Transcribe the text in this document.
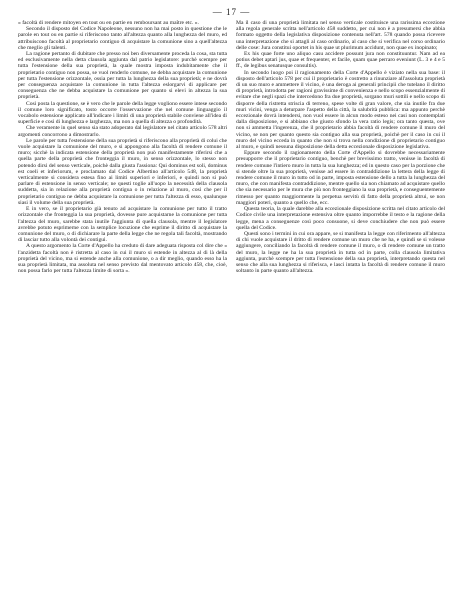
— 17 —

« facoltà di rendere mitoyen en tout ou en partie en remboursant au maître etc. ».

Secondo il disposto del Codice Napoleone, nessuno non ha mai posto in questione che le parole en tout ou en partie si riferiscono tanto all'altezza quanto alla lunghezza del muro, ed attribuiscono facoltà al proprietario contiguo di acquistare la comunione sino a quell'altezza che meglio gli talenti.

La ragione pertanto di dubitare che presso noi ben diversamente proceda la cosa, sta tutta ed esclusivamente nella detta clausola aggiunta dal patrio legislatore: purchè scempre per tutta l'estensione della sua proprietà, la quale mostra imposta indubitamente che il proprietario contiguo non possa, se vuol renderlo comune, ne debba acquistare la comunione per tutta l'estensione orizzontale, ossia per tutta la lunghezza della sua proprietà; e ne dovrà per conseguenza acquistare la comunione in tutta l'altezza eslorgarvi di applicare per conseguenza che ne debba acquistare la comunione per quanto si elevi in altezza la sua proprietà.

Così posta la questione, se è vero che le parole della legge vogliono essere intese secondo il comune loro significato, tosto occorre l'osservazione che nel comune linguaggio il vocabolo estensione applicato all'indicare i limiti di una proprietà stabile conviene all'idea di superficie e così di lunghezza e larghezza, ma non a quella di altezza o profondità.

Che veramente in quel senso sia stato adoperato dal legislatore nel citato articolo 578 altri argomenti concorrono a dimostrarlo.

Le parole per tutta l'estensione della sua proprietà si riferiscono alla proprietà di colui che vuole acquistare la comunione del muro, e si appongono alla facoltà di rendere comune il muro; sicchè la indicata estensione della proprietà non può manifestamente riferirsi che a quella parte della proprietà che fronteggia il muro, in senso orizzontale, lo stesso non potendo dirsi del senso verticale, poichè dalla giusta l'assiona: Qui dominus est soli, dominus est coeli et inferiorum, e proclamato dal Codice Albertino all'articolo 548, la proprietà verticalmente si considera estesa fino ai limiti superiori e inferiori, e quindi non si può parlare di estensione in senso verticale; ne questi toglie all'uopo la necessità della clausola suddetta, sia in relazione alla proprietà contigua o in relazione al muro, così che per il proprietario contiguo ne debba acquistare la comunione per tutta l'altezza di esso, qualunque siasi il volume della sua proprietà.

E in vero, se il proprietario già tenuto ad acquistare la comunione per tutto il tratto orizzontale che fronteggia la sua proprietà, dovesse pure acquistarne la comunione per tutta l'altezza del muro, sarebbe stata inutile l'aggiunta di quella clausola, mentre il legislatore avrebbe potuto esprimerne con la semplice locuzione che esprime il diritto di acquistare la comunione del muro, o di dichiarare la parte della legge che ne regola tali facoltà, mostrando di lasciar tutto alla volontà dei contigui.

A questo argomento la Corte d'Appello ha creduto di dare adeguata risposta col dire che « l'anzidetta facoltà non è ristretta al caso in cui il muro si estende in altezza al di là della proprietà del vicino, ma si estende anche alla comunione, o a dir meglio, quando esso ha la sua proprietà limitata, ma assoluta nel senso previsto dal mentovato articolo 458, che, cioè, non possa farlo per tutta l'altezza limite di sorta ».

Ma il caso di una proprietà limitata nel senso verticale costituisce una rarissima eccezione alla regola generale scritta nell'articolo 458 suddetto, per cui non è a presumersi che abbia formato oggetto della legislativa disposizione contenuta nell'art. 578 quando possa ricevere una interpretazione che si attagli al caso ordinario, al caso che si verifica nel corso ordinario delle cose: Jura constitui oportet in his quae ut plurimum accidunt, non quae ex inopinato;

Ex his quae forte uno aliquo casu accidere possunt jura non constituuntur. Nam ad ea potius debet aptari jus, quae et frequenter, et facile, quam quae perraro eveniunt (L. 3 e 4 e 5 ff., de legibus senatusque consultis).

In secondo luogo poi il ragionamento della Corte d'Appello è viziato nella sua base: il disposto dell'articolo 578 per cui il proprietario è costretto a rinunziare all'assoluta proprietà di un suo muro e ammettere il vicino, è una deroga ai generali principii che tutelano il diritto di proprietà, introdotta per ragioni gravissime di convenienza e nello scopo essenzialmente di evitare che negli spazi che intercedono fra due proprietà, sorgano muri sottili e nello scopo di disporre della ristretta striscia di terreno, spese volte di gran valore, che sia inutile fra due muri vicini, venga a deturpare l'aspetto della città, la salubrità pubblica: ma appunto perchè eccezionale dovrà intendersi, non vuol essere in alcun modo esteso nei casi non contemplati dalla disposizione, e si abbiano che giusto sfondo la vera ratio legis; ora tanto questa, ove non si ammetta l'ingerenza, che il proprietario abbia facoltà di rendere comune il muro del vicino, se non per quanto questo sia contiguo alla sua proprietà, poichè per il caso in cui il muro del vicino ecceda in quanto che non si trova nella condizione di proprietario contiguo al muro, e quindi nessuna disposizione della detta eccezionale disposizione legislativa.

Eppure secondo il ragionamento della Corte d'Appello si dovrebbe necessariamente presupporre che il proprietario contiguo, benchè per brevissimo tratto, venisse in facoltà di rendere comune l'intiero muro in tutta la sua lunghezza; ed in questo caso per la porzione che si stende oltre la sua proprietà, venisse ad essere in contraddizione la lettera della legge di rendere comune il muro in tutto od in parte, imposta estensione dello a tutta la lunghezza del muro, che con manifesta contraddizione, mentre quello sia non chiamato ad acquistare quello che sia necessario per le mura che più non fronteggiano la sua proprietà, e conseguentemente rimesso per quanto maggiormente la perpetua servitù di fatto della proprietà altrui, se non maggiori poteri, quanto a quello che, ecc.

Questa teoria, la quale darebbe alla eccezionale disposizione scritta nel citato articolo del Codice civile una interpretazione estensiva oltre quanto imporrebbe il testo e la ragione della legge, mena a conseguenze così poco consuone, si deve conchiudere che non può essere quella del Codice.

Questi sono i termini in cui ora appare, se si manifesta la legge con riferimento all'altezza di chi vuole acquistare il dritto di rendere comune un muro che ne ha, e quindi se si volesse aggiungere, conciliando la facoltà di rendere comune il muro, o di rendere comune un tratto del muro, la legge ne ha la sua proprietà in tutta od in parte, colla clausola limitativa aggiunta, purchè scempre per tutta l'estensione della sua proprietà, interpretando questa nel senso che alla sua lunghezza si riferisca, e lasci intatta la facoltà di rendere comune il muro soltanto in parte quanto all'altezza.
